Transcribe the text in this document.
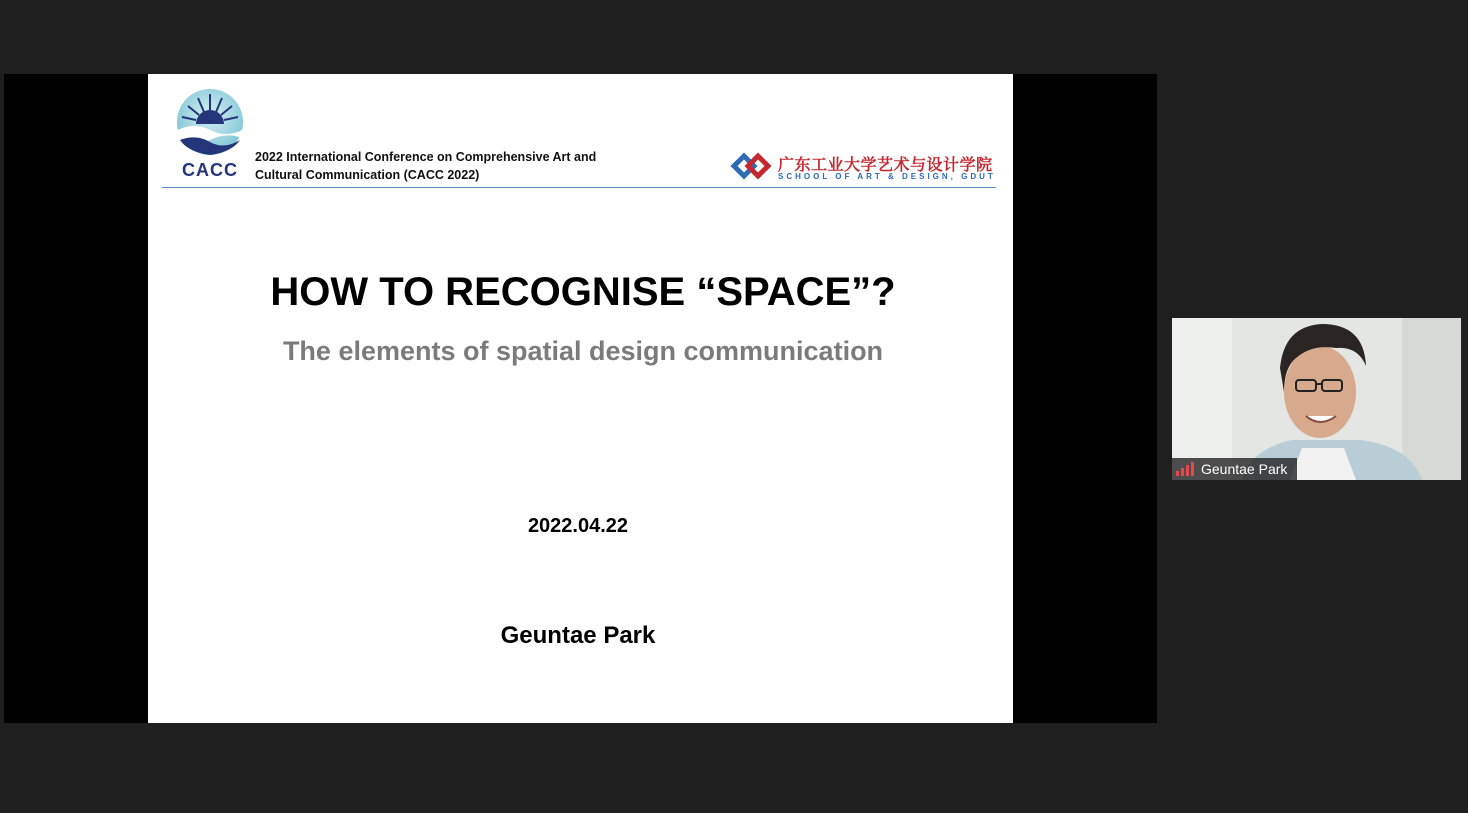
CACC
2022 International Conference on Comprehensive Art and
Cultural Communication (CACC 2022)
广东工业大学艺术与设计学院
SCHOOL OF ART & DESIGN, GDUT
HOW TO RECOGNISE “SPACE”?
The elements of spatial design communication
2022.04.22
Geuntae Park
Geuntae Park
